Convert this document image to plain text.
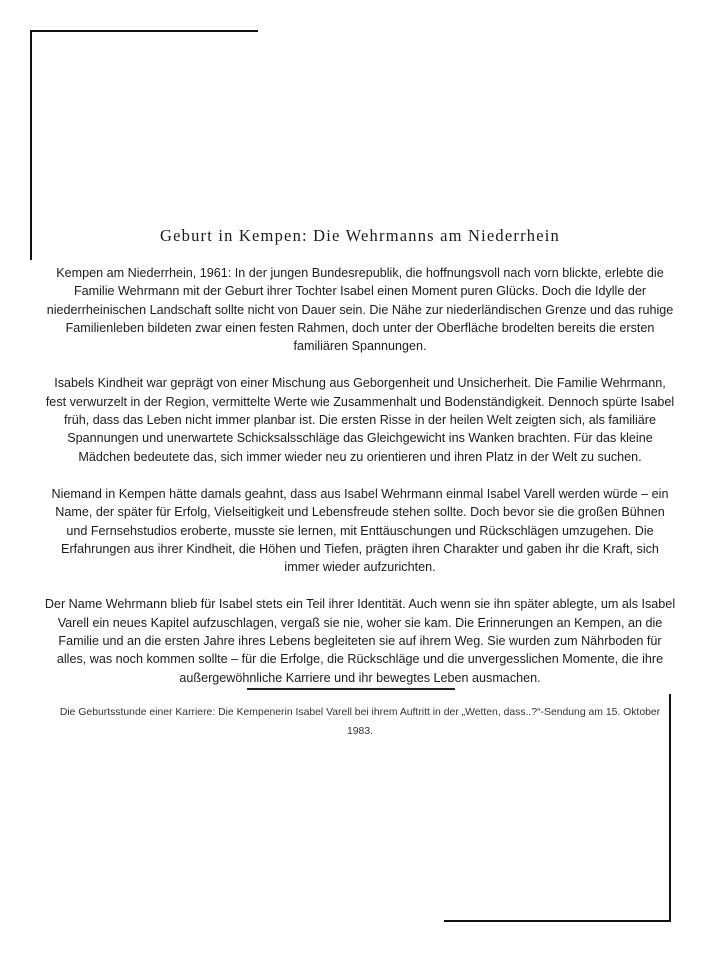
Geburt in Kempen: Die Wehrmanns am Niederrhein

Kempen am Niederrhein, 1961: In der jungen Bundesrepublik, die hoffnungsvoll nach vorn blickte, erlebte die Familie Wehrmann mit der Geburt ihrer Tochter Isabel einen Moment puren Glücks. Doch die Idylle der niederrheinischen Landschaft sollte nicht von Dauer sein. Die Nähe zur niederländischen Grenze und das ruhige Familienleben bildeten zwar einen festen Rahmen, doch unter der Oberfläche brodelten bereits die ersten familiären Spannungen.

Isabels Kindheit war geprägt von einer Mischung aus Geborgenheit und Unsicherheit. Die Familie Wehrmann, fest verwurzelt in der Region, vermittelte Werte wie Zusammenhalt und Bodenständigkeit. Dennoch spürte Isabel früh, dass das Leben nicht immer planbar ist. Die ersten Risse in der heilen Welt zeigten sich, als familiäre Spannungen und unerwartete Schicksalsschläge das Gleichgewicht ins Wanken brachten. Für das kleine Mädchen bedeutete das, sich immer wieder neu zu orientieren und ihren Platz in der Welt zu suchen.

Niemand in Kempen hätte damals geahnt, dass aus Isabel Wehrmann einmal Isabel Varell werden würde – ein Name, der später für Erfolg, Vielseitigkeit und Lebensfreude stehen sollte. Doch bevor sie die großen Bühnen und Fernsehstudios eroberte, musste sie lernen, mit Enttäuschungen und Rückschlägen umzugehen. Die Erfahrungen aus ihrer Kindheit, die Höhen und Tiefen, prägten ihren Charakter und gaben ihr die Kraft, sich immer wieder aufzurichten.

Der Name Wehrmann blieb für Isabel stets ein Teil ihrer Identität. Auch wenn sie ihn später ablegte, um als Isabel Varell ein neues Kapitel aufzuschlagen, vergaß sie nie, woher sie kam. Die Erinnerungen an Kempen, an die Familie und an die ersten Jahre ihres Lebens begleiteten sie auf ihrem Weg. Sie wurden zum Nährboden für alles, was noch kommen sollte – für die Erfolge, die Rückschläge und die unvergesslichen Momente, die ihre außergewöhnliche Karriere und ihr bewegtes Leben ausmachen.

Die Geburtsstunde einer Karriere: Die Kempenerin Isabel Varell bei ihrem Auftritt in der „Wetten, dass..?“-Sendung am 15. Oktober 1983.
